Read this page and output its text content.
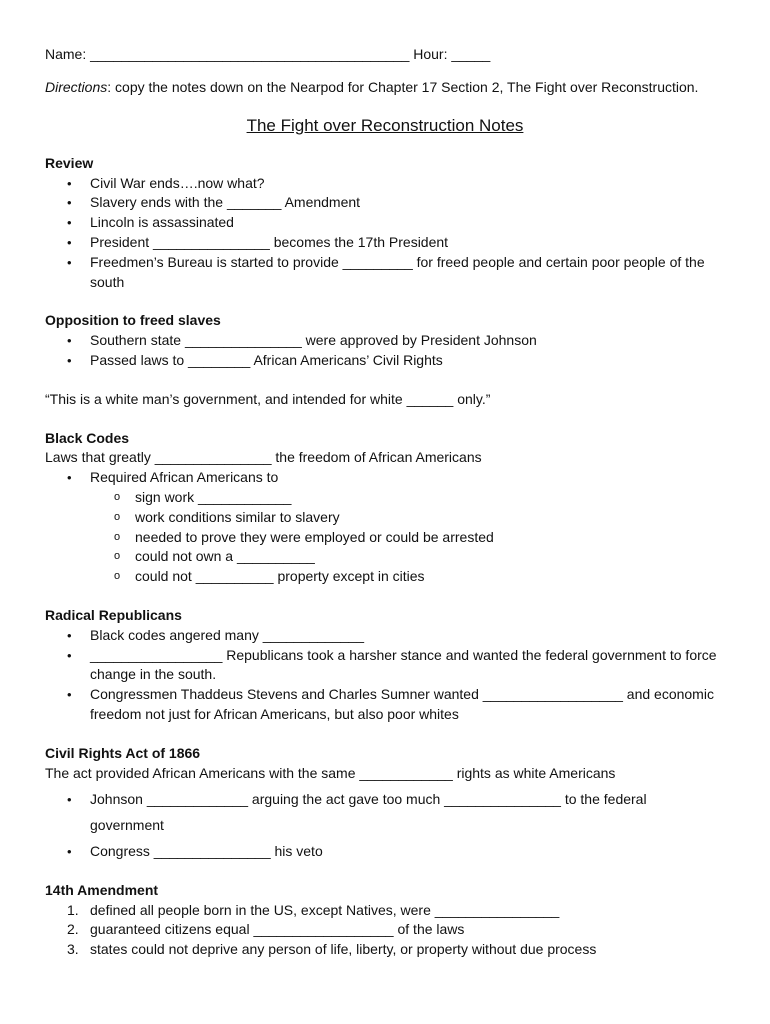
Name: _________________________________________ Hour: _____

Directions: copy the notes down on the Nearpod for Chapter 17 Section 2, The Fight over Reconstruction.

The Fight over Reconstruction Notes

Review

• Civil War ends….now what?
• Slavery ends with the _______ Amendment
• Lincoln is assassinated
• President _______________ becomes the 17th President
• Freedmen’s Bureau is started to provide _________ for freed people and certain poor people of the south

Opposition to freed slaves

• Southern state _______________ were approved by President Johnson
• Passed laws to ________ African Americans’ Civil Rights

“This is a white man’s government, and intended for white ______ only.”

Black Codes

Laws that greatly _______________ the freedom of African Americans

• Required African Americans to
o sign work ____________
o work conditions similar to slavery
o needed to prove they were employed or could be arrested
o could not own a __________
o could not __________ property except in cities

Radical Republicans

• Black codes angered many _____________
• _________________ Republicans took a harsher stance and wanted the federal government to force change in the south.
• Congressmen Thaddeus Stevens and Charles Sumner wanted __________________ and economic freedom not just for African Americans, but also poor whites

Civil Rights Act of 1866

The act provided African Americans with the same ____________ rights as white Americans

• Johnson _____________ arguing the act gave too much _______________ to the federal
government
• Congress _______________ his veto

14th Amendment

1. defined all people born in the US, except Natives, were ________________
2. guaranteed citizens equal __________________ of the laws
3. states could not deprive any person of life, liberty, or property without due process
